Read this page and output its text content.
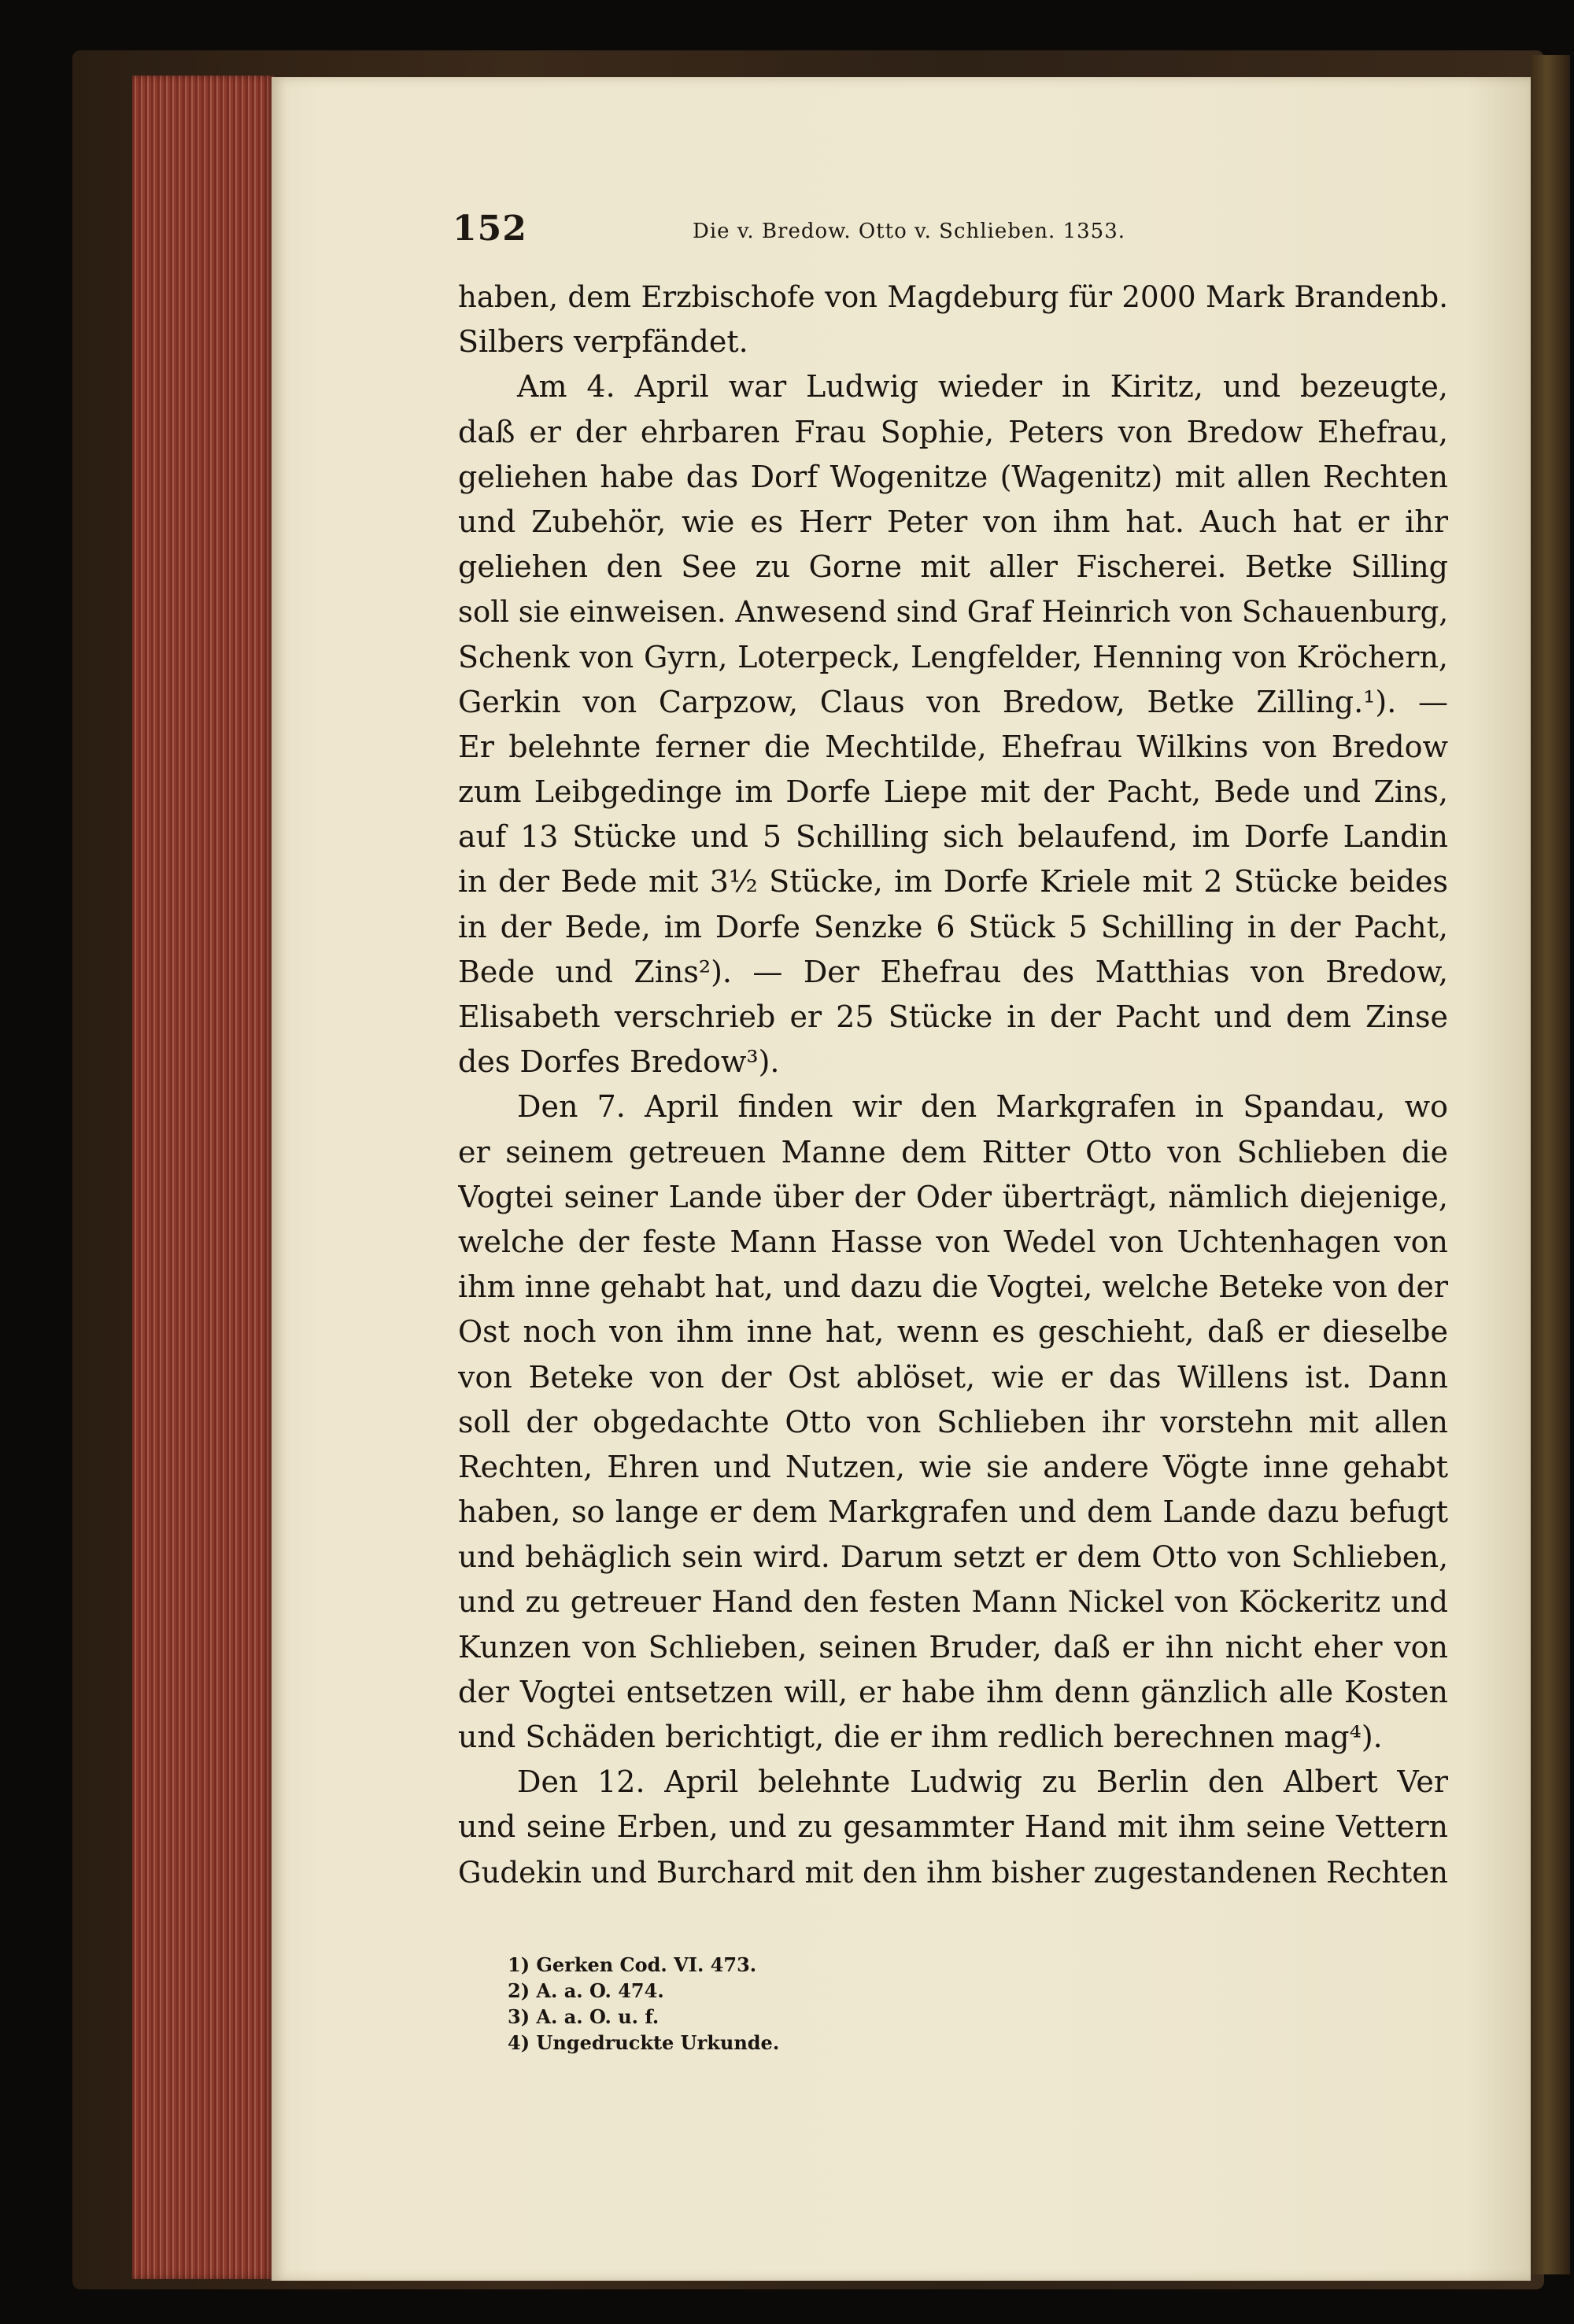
152	Die v. Bredow. Otto v. Schlieben. 1353.
haben, dem Erzbischofe von Magdeburg für 2000 Mark Brandenb.
Silbers verpfändet.
Am 4. April war Ludwig wieder in Kiritz, und bezeugte,
daß er der ehrbaren Frau Sophie, Peters von Bredow Ehefrau,
geliehen habe das Dorf Wogenitze (Wagenitz) mit allen Rechten
und Zubehör, wie es Herr Peter von ihm hat. Auch hat er ihr
geliehen den See zu Gorne mit aller Fischerei. Betke Silling
soll sie einweisen. Anwesend sind Graf Heinrich von Schauenburg,
Schenk von Gyrn, Loterpeck, Lengfelder, Henning von Kröchern,
Gerkin von Carpzow, Claus von Bredow, Betke Zilling.¹). —
Er belehnte ferner die Mechtilde, Ehefrau Wilkins von Bredow
zum Leibgedinge im Dorfe Liepe mit der Pacht, Bede und Zins,
auf 13 Stücke und 5 Schilling sich belaufend, im Dorfe Landin
in der Bede mit 3½ Stücke, im Dorfe Kriele mit 2 Stücke beides
in der Bede, im Dorfe Senzke 6 Stück 5 Schilling in der Pacht,
Bede und Zins²). — Der Ehefrau des Matthias von Bredow,
Elisabeth verschrieb er 25 Stücke in der Pacht und dem Zinse
des Dorfes Bredow³).
Den 7. April finden wir den Markgrafen in Spandau, wo
er seinem getreuen Manne dem Ritter Otto von Schlieben die
Vogtei seiner Lande über der Oder überträgt, nämlich diejenige,
welche der feste Mann Hasse von Wedel von Uchtenhagen von
ihm inne gehabt hat, und dazu die Vogtei, welche Beteke von der
Ost noch von ihm inne hat, wenn es geschieht, daß er dieselbe
von Beteke von der Ost ablöset, wie er das Willens ist. Dann
soll der obgedachte Otto von Schlieben ihr vorstehn mit allen
Rechten, Ehren und Nutzen, wie sie andere Vögte inne gehabt
haben, so lange er dem Markgrafen und dem Lande dazu befugt
und behäglich sein wird. Darum setzt er dem Otto von Schlieben,
und zu getreuer Hand den festen Mann Nickel von Köckeritz und
Kunzen von Schlieben, seinen Bruder, daß er ihn nicht eher von
der Vogtei entsetzen will, er habe ihm denn gänzlich alle Kosten
und Schäden berichtigt, die er ihm redlich berechnen mag⁴).
Den 12. April belehnte Ludwig zu Berlin den Albert Ver
und seine Erben, und zu gesammter Hand mit ihm seine Vettern
Gudekin und Burchard mit den ihm bisher zugestandenen Rechten
1) Gerken Cod. VI. 473.
2) A. a. O. 474.
3) A. a. O. u. f.
4) Ungedruckte Urkunde.
